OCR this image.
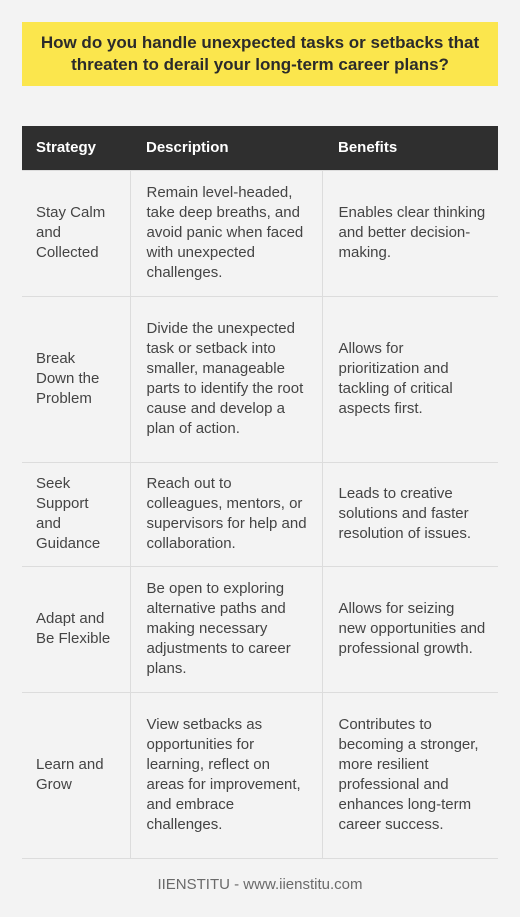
How do you handle unexpected tasks or setbacks that threaten to derail your long-term career plans?
Strategy	Description	Benefits
Stay Calm and Collected	Remain level-headed, take deep breaths, and avoid panic when faced with unexpected challenges.	Enables clear thinking and better decision-making.
Break Down the Problem	Divide the unexpected task or setback into smaller, manageable parts to identify the root cause and develop a plan of action.	Allows for prioritization and tackling of critical aspects first.
Seek Support and Guidance	Reach out to colleagues, mentors, or supervisors for help and collaboration.	Leads to creative solutions and faster resolution of issues.
Adapt and Be Flexible	Be open to exploring alternative paths and making necessary adjustments to career plans.	Allows for seizing new opportunities and professional growth.
Learn and Grow	View setbacks as opportunities for learning, reflect on areas for improvement, and embrace challenges.	Contributes to becoming a stronger, more resilient professional and enhances long-term career success.
IIENSTITU - www.iienstitu.com
